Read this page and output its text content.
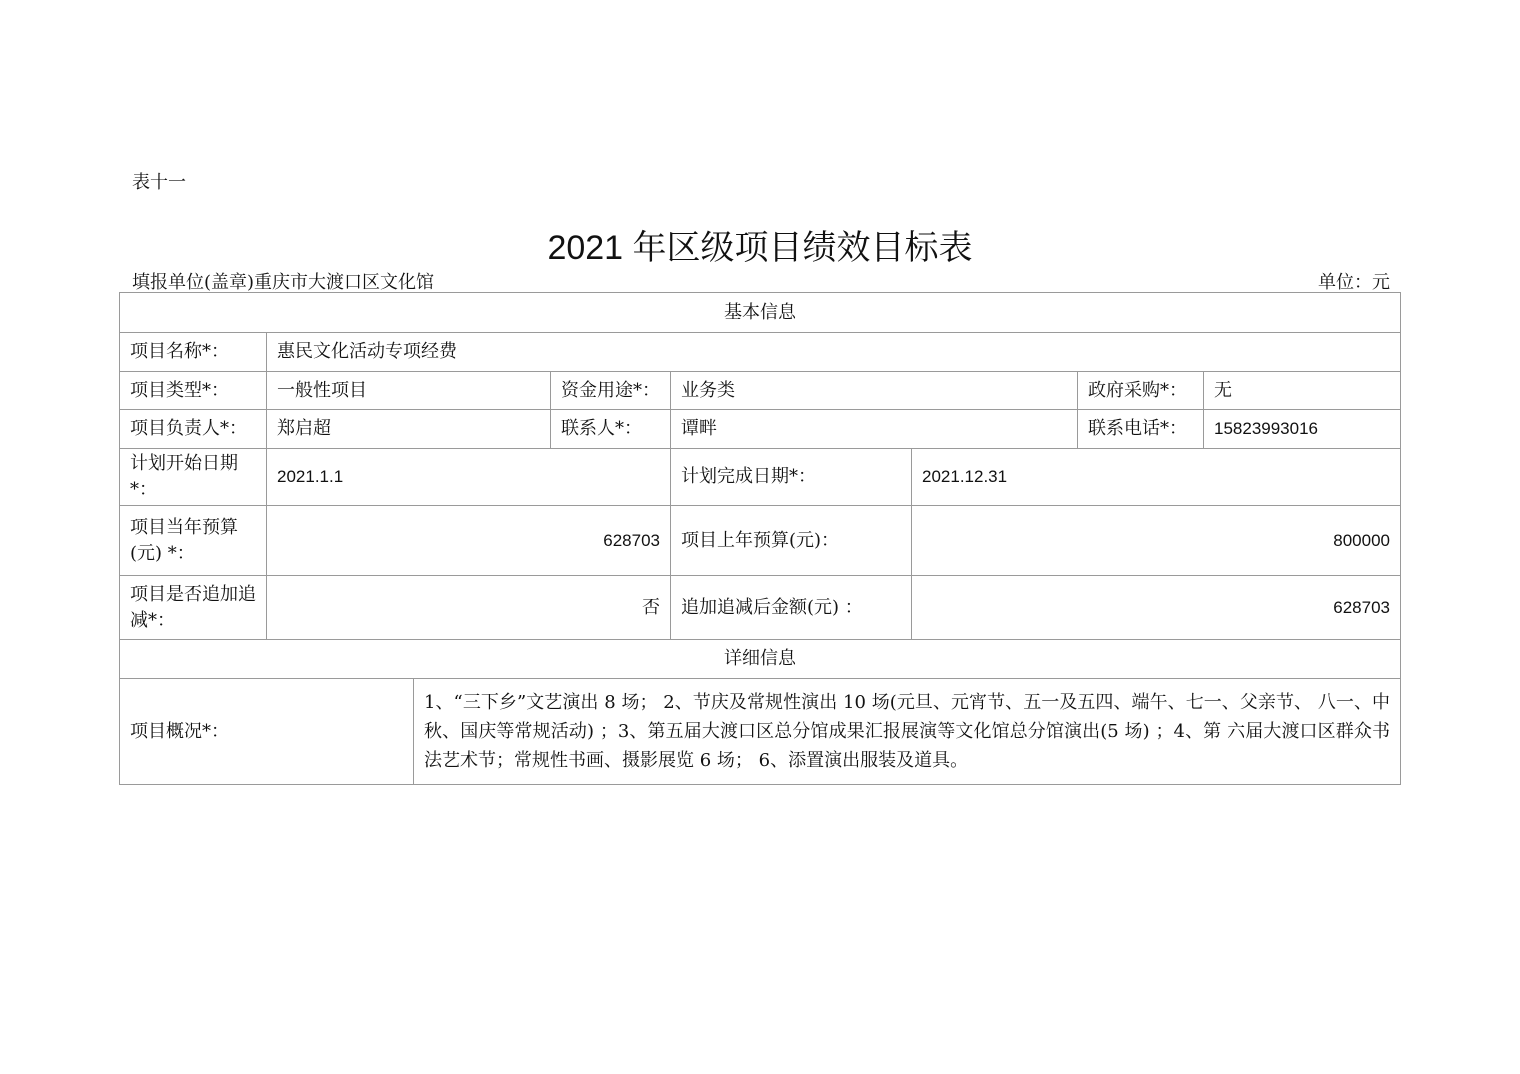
表十一
2021 年区级项目绩效目标表
填报单位(盖章)重庆市大渡口区文化馆	单位：元
基本信息							
项目名称*：	惠民文化活动专项经费						
项目类型*：	一般性项目		资金用途*：	业务类		政府采购*：	无
项目负责人*：	郑启超		联系人*：	谭畔		联系电话*：	15823993016
计划开始日期*：	2021.1.1			计划完成日期*：	2021.12.31		
项目当年预算(元) *：	628703			项目上年预算(元)：	800000		
项目是否追加追减*：	否			追加追减后金额(元) ：	628703		
详细信息							
项目概况*：		1、“三下乡”文艺演出 8 场； 2、节庆及常规性演出 10 场(元旦、元宵节、五一及五四、端午、七一、父亲节、 八一、中秋、国庆等常规活动) ；3、第五届大渡口区总分馆成果汇报展演等文化馆总分馆演出(5 场) ；4、第 六届大渡口区群众书法艺术节；常规性书画、摄影展览 6 场； 6、添置演出服装及道具。					
